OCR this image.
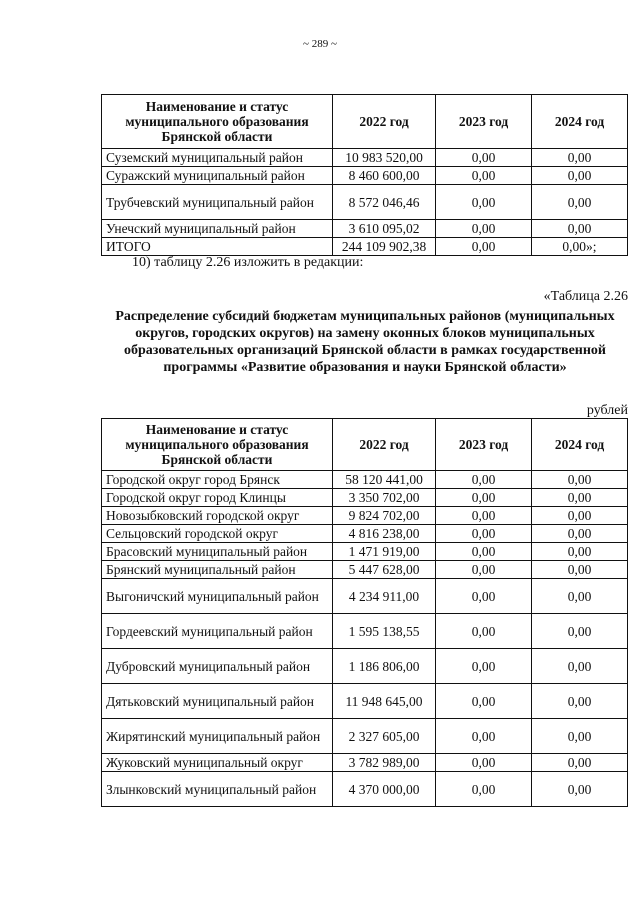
~ 289 ~
Наименование и статус муниципального образования Брянской области	2022 год	2023 год	2024 год
Суземский муниципальный район	10 983 520,00	0,00	0,00
Суражский муниципальный район	8 460 600,00	0,00	0,00
Трубчевский муниципальный район	8 572 046,46	0,00	0,00
Унечский муниципальный район	3 610 095,02	0,00	0,00
ИТОГО	244 109 902,38	0,00	0,00»;
10) таблицу 2.26 изложить в редакции:
«Таблица 2.26
Распределение субсидий бюджетам муниципальных районов (муниципальных округов, городских округов) на замену оконных блоков муниципальных образовательных организаций Брянской области в рамках государственной программы «Развитие образования и науки Брянской области»
рублей
Наименование и статус муниципального образования Брянской области	2022 год	2023 год	2024 год
Городской округ город Брянск	58 120 441,00	0,00	0,00
Городской округ город Клинцы	3 350 702,00	0,00	0,00
Новозыбковский городской округ	9 824 702,00	0,00	0,00
Сельцовский городской округ	4 816 238,00	0,00	0,00
Брасовский муниципальный район	1 471 919,00	0,00	0,00
Брянский муниципальный район	5 447 628,00	0,00	0,00
Выгоничский муниципальный район	4 234 911,00	0,00	0,00
Гордеевский муниципальный район	1 595 138,55	0,00	0,00
Дубровский муниципальный район	1 186 806,00	0,00	0,00
Дятьковский муниципальный район	11 948 645,00	0,00	0,00
Жирятинский муниципальный район	2 327 605,00	0,00	0,00
Жуковский муниципальный округ	3 782 989,00	0,00	0,00
Злынковский муниципальный район	4 370 000,00	0,00	0,00
